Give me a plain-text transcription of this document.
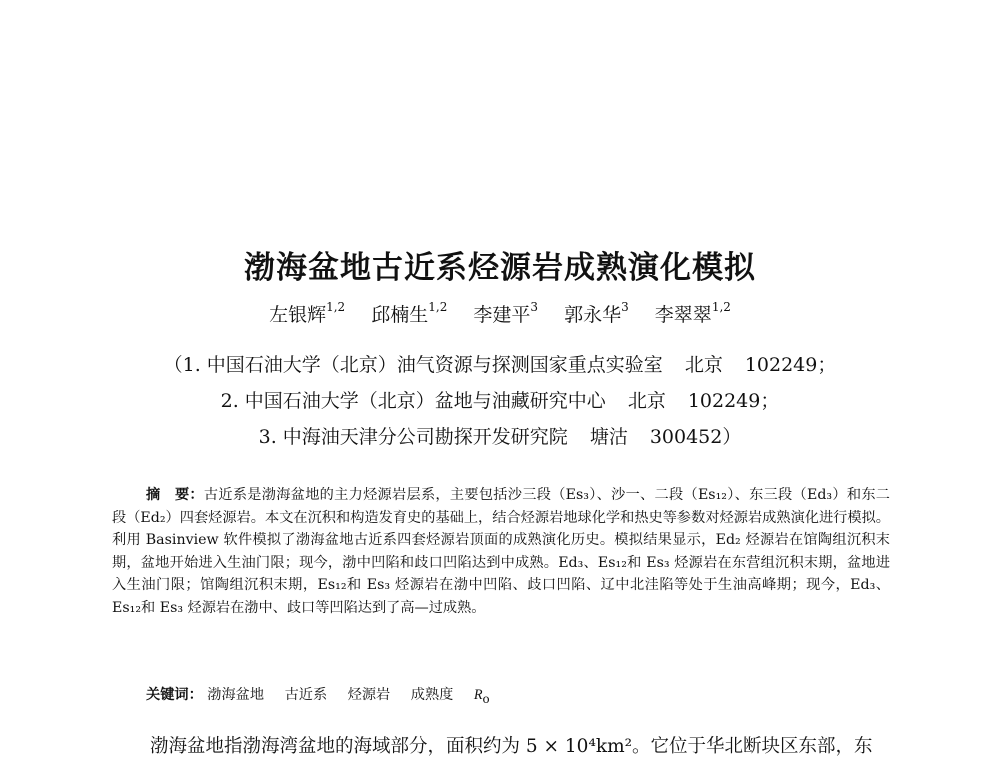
渤海盆地古近系烃源岩成熟演化模拟
左银辉$^{1,2}$ 邱楠生$^{1,2}$ 李建平$^3$ 郭永华$^3$ 李翠翠$^{1,2}$
（1. 中国石油大学（北京）油气资源与探测国家重点实验室 北京 102249；
2. 中国石油大学（北京）盆地与油藏研究中心 北京 102249；
3. 中海油天津分公司勘探开发研究院 塘沽 300452）
摘　要：古近系是渤海盆地的主力烃源岩层系，主要包括沙三段（Es₃）、沙一、二段（Es₁₂）、东三段（Ed₃）和东二段（Ed₂）四套烃源岩。本文在沉积和构造发育史的基础上，结合烃源岩地球化学和热史等参数对烃源岩成熟演化进行模拟。利用 Basinview 软件模拟了渤海盆地古近系四套烃源岩顶面的成熟演化历史。模拟结果显示，Ed₂ 烃源岩在馆陶组沉积末期，盆地开始进入生油门限；现今，渤中凹陷和歧口凹陷达到中成熟。Ed₃、Es₁₂和 Es₃ 烃源岩在东营组沉积末期，盆地进入生油门限；馆陶组沉积末期，Es₁₂和 Es₃ 烃源岩在渤中凹陷、歧口凹陷、辽中北洼陷等处于生油高峰期；现今，Ed₃、Es₁₂和 Es₃ 烃源岩在渤中、歧口等凹陷达到了高—过成熟。
关键词： 渤海盆地 古近系 烃源岩 成熟度 $R_o$
渤海盆地指渤海湾盆地的海域部分，面积约为 5 × 10⁴km²。它位于华北断块区东部，东
